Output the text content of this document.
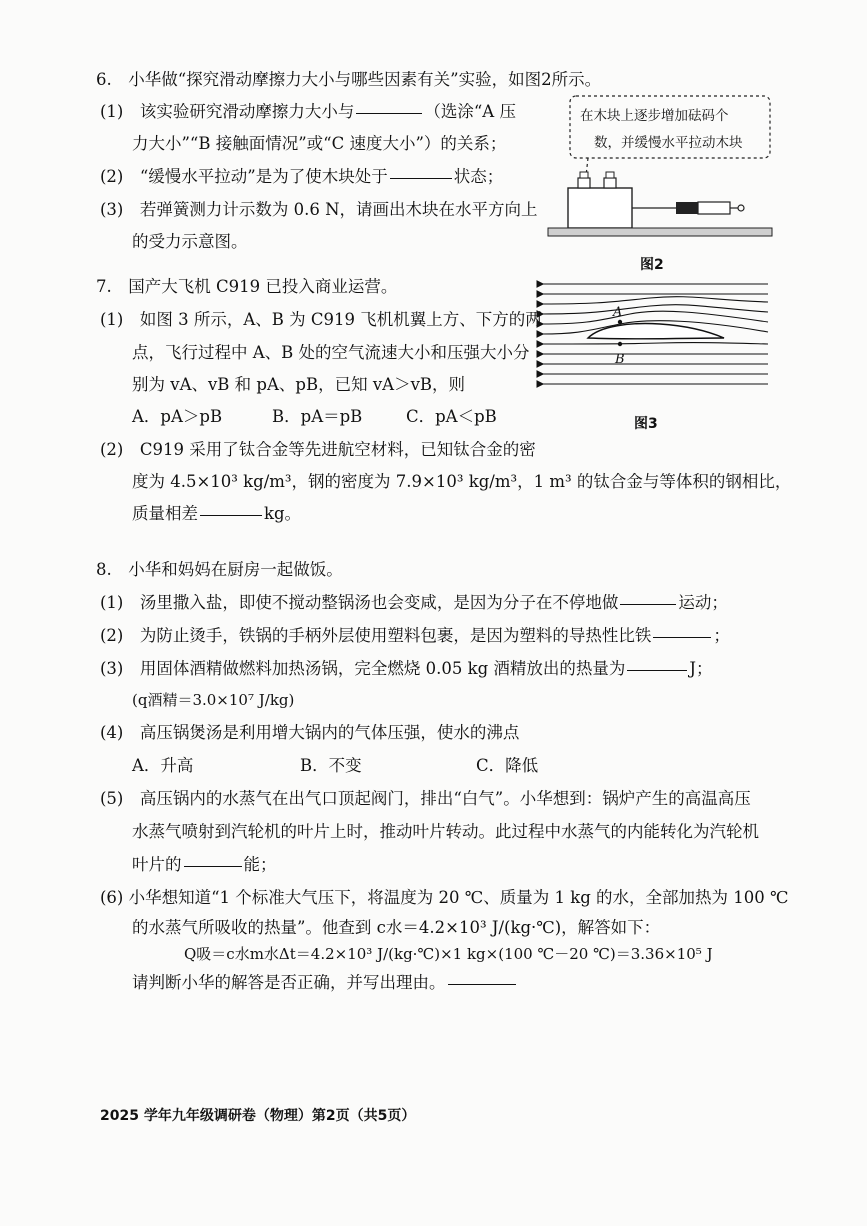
6.　小华做“探究滑动摩擦力大小与哪些因素有关”实验，如图2所示。
(1)　该实验研究滑动摩擦力大小与	（选涂“A 压
力大小”“B 接触面情况”或“C 速度大小”）的关系；
(2)　“缓慢水平拉动”是为了使木块处于	状态；
(3)　若弹簧测力计示数为 0.6 N，请画出木块在水平方向上
的受力示意图。
在木块上逐步增加砝码个
数，并缓慢水平拉动木块
图2
7.　国产大飞机 C919 已投入商业运营。
(1)　如图 3 所示，A、B 为 C919 飞机机翼上方、下方的两
点，飞行过程中 A、B 处的空气流速大小和压强大小分
别为 vA、vB 和 pA、pB，已知 vA＞vB，则
A．pA＞pB	B．pA＝pB	C．pA＜pB
A
B
图3
(2)　C919 采用了钛合金等先进航空材料，已知钛合金的密
度为 4.5×10³ kg/m³，钢的密度为 7.9×10³ kg/m³，1 m³ 的钛合金与等体积的钢相比，
质量相差	kg。
8.　小华和妈妈在厨房一起做饭。
(1)　汤里撒入盐，即使不搅动整锅汤也会变咸，是因为分子在不停地做	运动；
(2)　为防止烫手，铁锅的手柄外层使用塑料包裹，是因为塑料的导热性比铁	；
(3)　用固体酒精做燃料加热汤锅，完全燃烧 0.05 kg 酒精放出的热量为	J；
(q酒精＝3.0×10⁷ J/kg)
(4)　高压锅煲汤是利用增大锅内的气体压强，使水的沸点
A．升高	B．不变	C．降低
(5)　高压锅内的水蒸气在出气口顶起阀门，排出“白气”。小华想到：锅炉产生的高温高压
水蒸气喷射到汽轮机的叶片上时，推动叶片转动。此过程中水蒸气的内能转化为汽轮机
叶片的	能；
(6) 小华想知道“1 个标准大气压下，将温度为 20 ℃、质量为 1 kg 的水，全部加热为 100 ℃
的水蒸气所吸收的热量”。他查到 c水＝4.2×10³ J/(kg·℃)，解答如下：
Q吸＝c水m水Δt＝4.2×10³ J/(kg·℃)×1 kg×(100 ℃－20 ℃)＝3.36×10⁵ J
请判断小华的解答是否正确，并写出理由。
2025 学年九年级调研卷（物理）第2页（共5页）
